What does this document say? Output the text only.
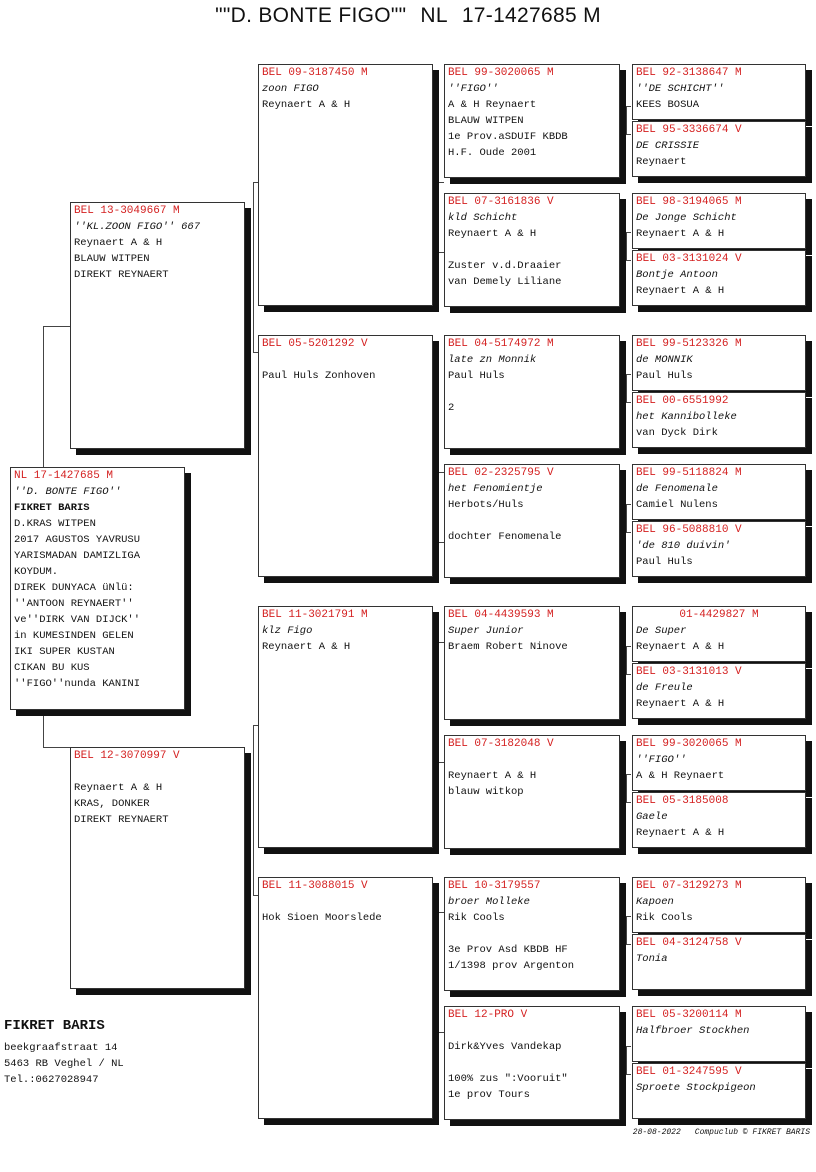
""D. BONTE FIGO"" NL 17-1427685 M
NL 17-1427685 M
''D. BONTE FIGO''
FIKRET BARIS
D.KRAS WITPEN
2017 AGUSTOS YAVRUSU
YARISMADAN DAMIZLIGA
KOYDUM.
DIREK DUNYACA üNlü:
''ANTOON REYNAERT''
ve''DIRK VAN DIJCK''
in KUMESINDEN GELEN
IKI SUPER KUSTAN
CIKAN BU KUS
''FIGO''nunda KANINI
BEL 13-3049667 M
''KL.ZOON FIGO'' 667
Reynaert A & H
BLAUW WITPEN
DIREKT REYNAERT
BEL 12-3070997 V
Reynaert A & H
KRAS, DONKER
DIREKT REYNAERT
BEL 09-3187450 M
zoon FIGO
Reynaert A & H
BEL 05-5201292 V
Paul Huls Zonhoven
BEL 11-3021791 M
klz Figo
Reynaert A & H
BEL 11-3088015 V
Hok Sioen Moorslede
BEL 99-3020065 M
''FIGO''
A & H Reynaert
BLAUW WITPEN
1e Prov.aSDUIF KBDB
H.F. Oude 2001
BEL 07-3161836 V
kld Schicht
Reynaert A & H
Zuster v.d.Draaier
van Demely Liliane
BEL 04-5174972 M
late zn Monnik
Paul Huls
2
BEL 02-2325795 V
het Fenomientje
Herbots/Huls
dochter Fenomenale
BEL 04-4439593 M
Super Junior
Braem Robert Ninove
BEL 07-3182048 V
Reynaert A & H
blauw witkop
BEL 10-3179557
broer Molleke
Rik Cools
3e Prov Asd KBDB HF
1/1398 prov Argenton
BEL 12-PRO V
Dirk&Yves Vandekap
100% zus ":Vooruit"
1e prov Tours
BEL 92-3138647 M
''DE SCHICHT''
KEES BOSUA
BEL 95-3336674 V
DE CRISSIE
Reynaert
BEL 98-3194065 M
De Jonge Schicht
Reynaert A & H
BEL 03-3131024 V
Bontje Antoon
Reynaert A & H
BEL 99-5123326 M
de MONNIK
Paul Huls
BEL 00-6551992
het Kannibolleke
van Dyck Dirk
BEL 99-5118824 M
de Fenomenale
Camiel Nulens
BEL 96-5088810 V
'de 810 duivin'
Paul Huls
01-4429827 M
De Super
Reynaert A & H
BEL 03-3131013 V
de Freule
Reynaert A & H
BEL 99-3020065 M
''FIGO''
A & H Reynaert
BEL 05-3185008
Gaele
Reynaert A & H
BEL 07-3129273 M
Kapoen
Rik Cools
BEL 04-3124758 V
Tonia
BEL 05-3200114 M
Halfbroer Stockhen
BEL 01-3247595 V
Sproete Stockpigeon
FIKRET BARIS
beekgraafstraat 14
5463 RB Veghel / NL
Tel.:0627028947
28-08-2022 Compuclub © FIKRET BARIS
